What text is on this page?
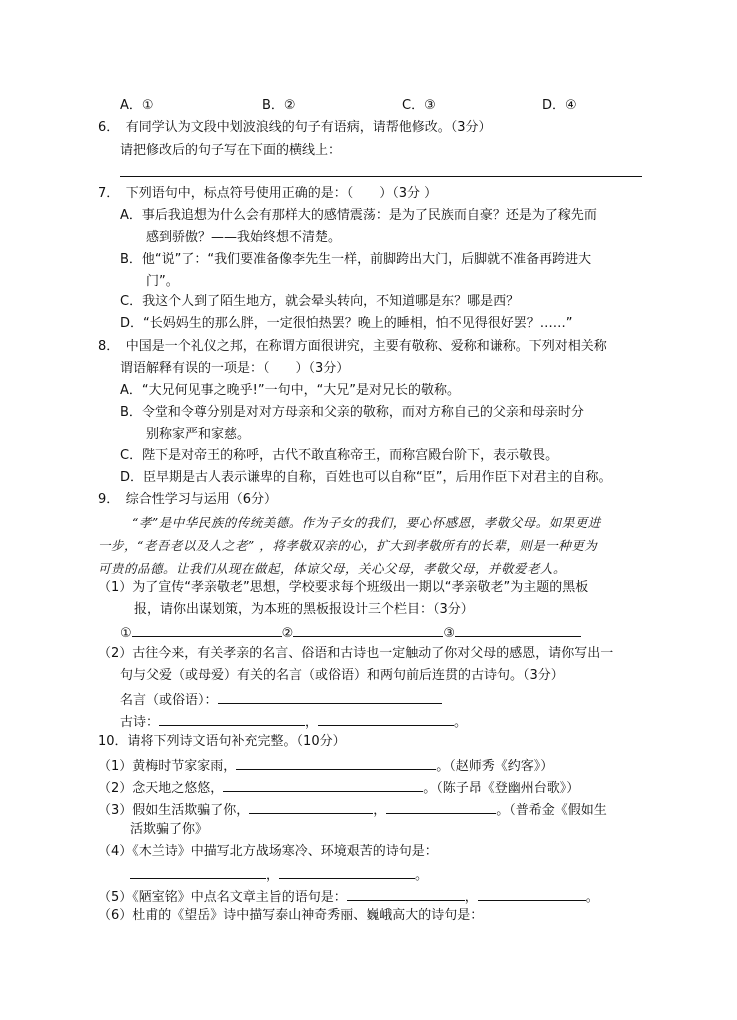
A．①	B．②	C．③	D．④
6．　有同学认为文段中划波浪线的句子有语病，请帮他修改。（3分）
请把修改后的句子写在下面的横线上：
7．　下列语句中，标点符号使用正确的是：（　　）（3分 ）
A．事后我追想为什么会有那样大的感情震荡：是为了民族而自豪？还是为了稼先而
感到骄傲？——我始终想不清楚。
B．他“说”了：“我们要准备像李先生一样，前脚跨出大门，后脚就不准备再跨进大
门”。
C．我这个人到了陌生地方，就会晕头转向，不知道哪是东？哪是西？
D．“长妈妈生的那么胖，一定很怕热罢？晚上的睡相，怕不见得很好罢？……”
8．　中国是一个礼仪之邦，在称谓方面很讲究，主要有敬称、爱称和谦称。下列对相关称
谓语解释有误的一项是：（　　）（3分）
A．“大兄何见事之晚乎!”一句中，“大兄”是对兄长的敬称。
B．令堂和令尊分别是对对方母亲和父亲的敬称，而对方称自己的父亲和母亲时分
别称家严和家慈。
C．陛下是对帝王的称呼，古代不敢直称帝王，而称宫殿台阶下，表示敬畏。
D．臣早期是古人表示谦卑的自称，百姓也可以自称“臣”，后用作臣下对君主的自称。
9．　综合性学习与运用（6分）
“孝”是中华民族的传统美德。作为子女的我们，要心怀感恩，孝敬父母。如果更进
一步，“老吾老以及人之老” ，将孝敬双亲的心，扩大到孝敬所有的长辈，则是一种更为
可贵的品德。让我们从现在做起，体谅父母，关心父母，孝敬父母，并敬爱老人。
（1）为了宣传“孝亲敬老”思想，学校要求每个班级出一期以“孝亲敬老”为主题的黑板
报，请你出谋划策，为本班的黑板报设计三个栏目：（3分）
①	②	③
（2）古往今来，有关孝亲的名言、俗语和古诗也一定触动了你对父母的感恩，请你写出一
句与父爱（或母爱）有关的名言（或俗语）和两句前后连贯的古诗句。（3分）
名言（或俗语）：
古诗：	，	。
10．请将下列诗文语句补充完整。（10分）
（1）黄梅时节家家雨，	。（赵师秀《约客》）
（2）念天地之悠悠，	。（陈子昂《登幽州台歌》）
（3）假如生活欺骗了你，	，	。（普希金《假如生
活欺骗了你》
（4）《木兰诗》中描写北方战场寒冷、环境艰苦的诗句是：
，	。
（5）《陋室铭》中点名文章主旨的语句是：	，	。
（6）杜甫的《望岳》诗中描写泰山神奇秀丽、巍峨高大的诗句是：
